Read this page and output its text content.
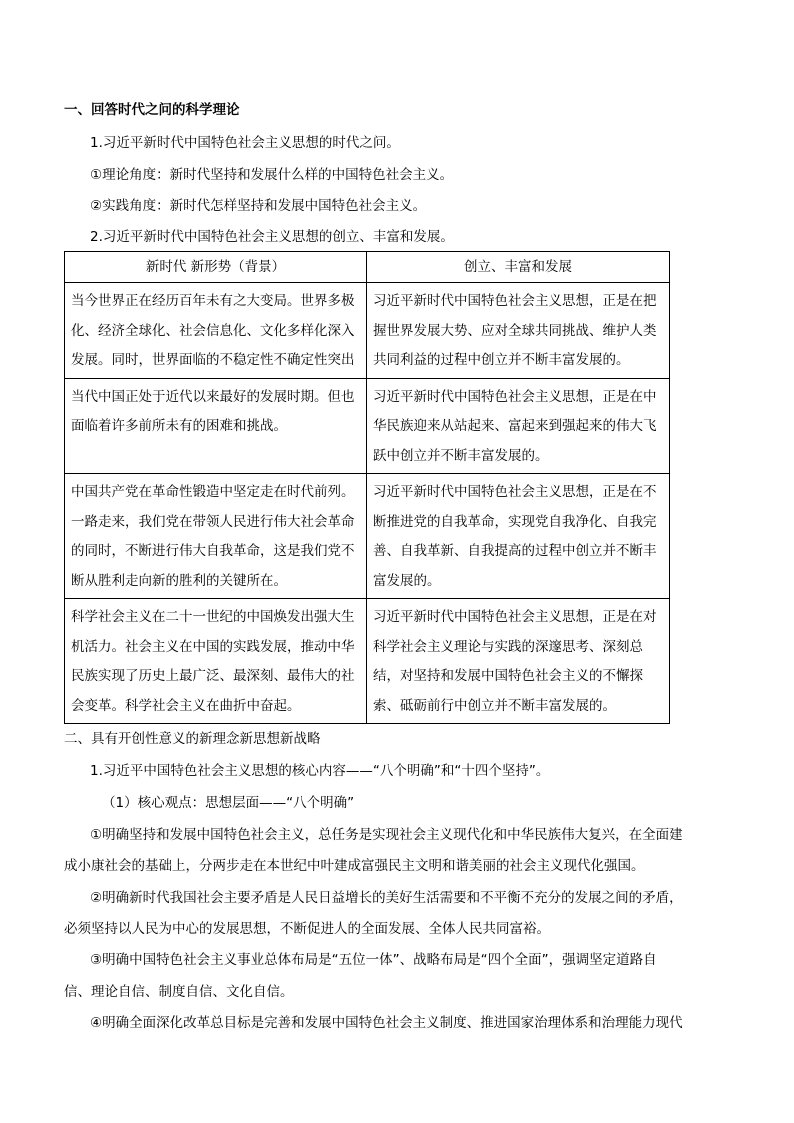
一、回答时代之问的科学理论

1.习近平新时代中国特色社会主义思想的时代之问。

①理论角度：新时代坚持和发展什么样的中国特色社会主义。

②实践角度：新时代怎样坚持和发展中国特色社会主义。

2.习近平新时代中国特色社会主义思想的创立、丰富和发展。

新时代 新形势（背景）	创立、丰富和发展
当今世界正在经历百年未有之大变局。世界多极化、经济全球化、社会信息化、文化多样化深入发展。同时，世界面临的不稳定性不确定性突出	习近平新时代中国特色社会主义思想，正是在把握世界发展大势、应对全球共同挑战、维护人类共同利益的过程中创立并不断丰富发展的。
当代中国正处于近代以来最好的发展时期。但也面临着许多前所未有的困难和挑战。	习近平新时代中国特色社会主义思想，正是在中华民族迎来从站起来、富起来到强起来的伟大飞跃中创立并不断丰富发展的。
中国共产党在革命性锻造中坚定走在时代前列。一路走来，我们党在带领人民进行伟大社会革命的同时，不断进行伟大自我革命，这是我们党不断从胜利走向新的胜利的关键所在。	习近平新时代中国特色社会主义思想，正是在不断推进党的自我革命，实现党自我净化、自我完善、自我革新、自我提高的过程中创立并不断丰富发展的。
科学社会主义在二十一世纪的中国焕发出强大生机活力。社会主义在中国的实践发展，推动中华民族实现了历史上最广泛、最深刻、最伟大的社会变革。科学社会主义在曲折中奋起。	习近平新时代中国特色社会主义思想，正是在对科学社会主义理论与实践的深邃思考、深刻总结，对坚持和发展中国特色社会主义的不懈探索、砥砺前行中创立并不断丰富发展的。

二、具有开创性意义的新理念新思想新战略

1.习近平中国特色社会主义思想的核心内容——“八个明确”和“十四个坚持”。

（1）核心观点：思想层面——“八个明确”

①明确坚持和发展中国特色社会主义，总任务是实现社会主义现代化和中华民族伟大复兴，在全面建

成小康社会的基础上，分两步走在本世纪中叶建成富强民主文明和谐美丽的社会主义现代化强国。

②明确新时代我国社会主要矛盾是人民日益增长的美好生活需要和不平衡不充分的发展之间的矛盾，

必须坚持以人民为中心的发展思想，不断促进人的全面发展、全体人民共同富裕。

③明确中国特色社会主义事业总体布局是“五位一体”、战略布局是“四个全面”，强调坚定道路自

信、理论自信、制度自信、文化自信。

④明确全面深化改革总目标是完善和发展中国特色社会主义制度、推进国家治理体系和治理能力现代
